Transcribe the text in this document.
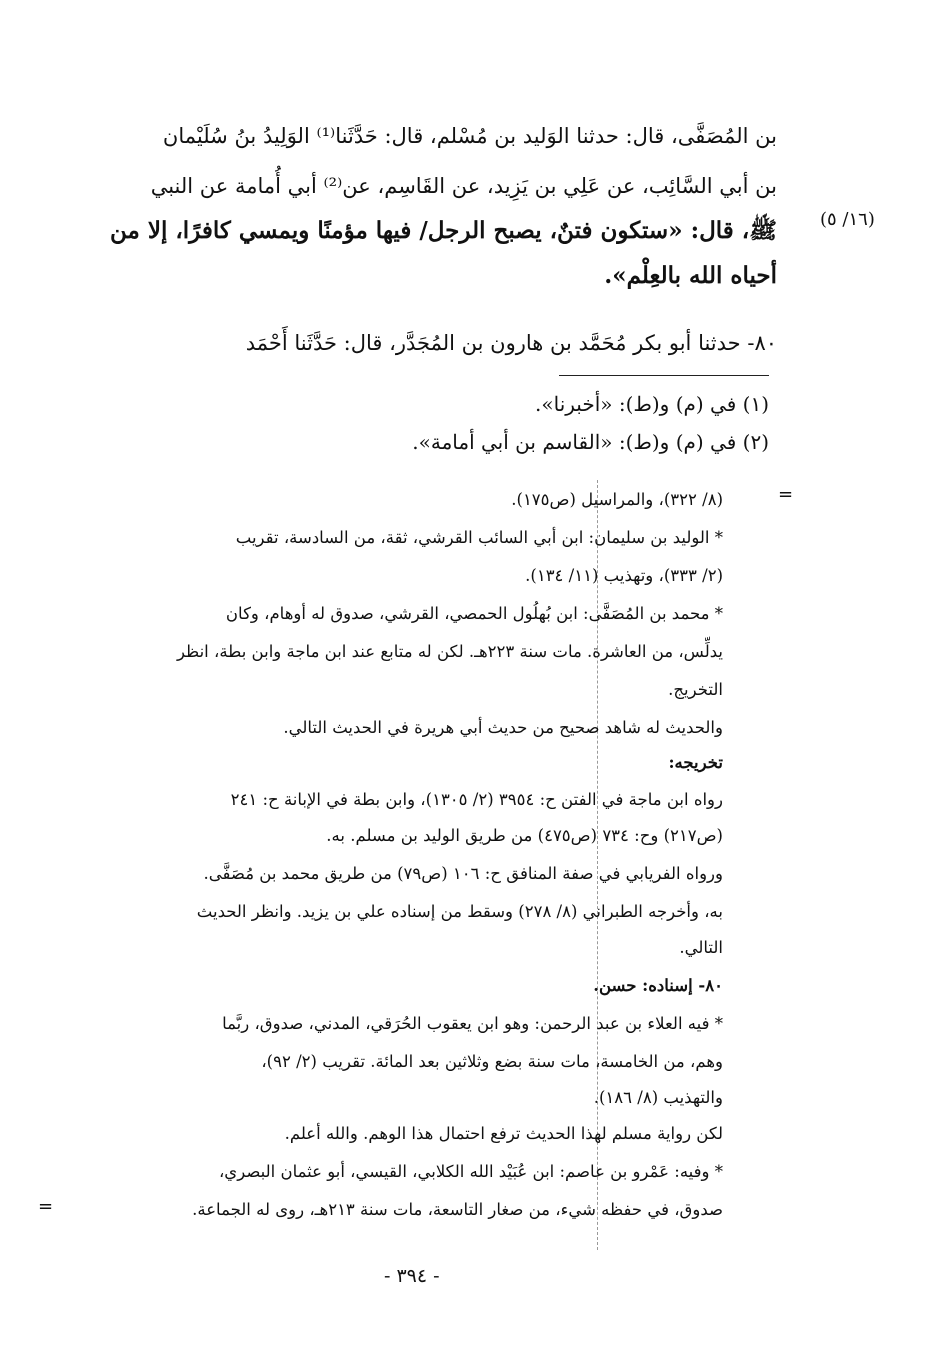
(١٦/ ٥)
بن المُصَفَّى، قال: حدثنا الوَليد بن مُسْلم، قال: حَدَّثَنا⁽¹⁾ الوَلِيدُ بنُ سُلَيْمان
بن أبي السَّائِب، عن عَلِي بن يَزِيد، عن القَاسِم، عن⁽²⁾ أبي أُمامة عن النبي
ﷺ، قال: «ستكون فتنٌ، يصبح الرجل/ فيها مؤمنًا ويمسي كافرًا، إلا من
أحياه الله بالعِلْم».
٨٠- حدثنا أبو بكر مُحَمَّد بن هارون بن المُجَدَّر، قال: حَدَّثَنا أَحْمَد
(١) في (م) و(ط): «أخبرنا».
(٢) في (م) و(ط): «القاسم بن أبي أمامة».
=
(٨/ ٣٢٢)، والمراسيل (ص١٧٥).
* الوليد بن سليمان: ابن أبي السائب القرشي، ثقة، من السادسة، تقريب
(٢/ ٣٣٣)، وتهذيب (١١/ ١٣٤).
* محمد بن المُصَفَّى: ابن بُهلُول الحمصي، القرشي، صدوق له أوهام، وكان
يدلِّس، من العاشرة. مات سنة ٢٢٣هـ. لكن له متابع عند ابن ماجة وابن بطة، انظر
التخريج.
والحديث له شاهد صحيح من حديث أبي هريرة في الحديث التالي.
تخريجه:
رواه ابن ماجة في الفتن ح: ٣٩٥٤ (٢/ ١٣٠٥)، وابن بطة في الإبانة ح: ٢٤١
(ص٢١٧) وح: ٧٣٤ (ص٤٧٥) من طريق الوليد بن مسلم. به.
ورواه الفريابي في صفة المنافق ح: ١٠٦ (ص٧٩) من طريق محمد بن مُصَفَّى.
به، وأخرجه الطبراني (٨/ ٢٧٨) وسقط من إسناده علي بن يزيد. وانظر الحديث
التالي.
٨٠- إسناده: حسن.
* فيه العلاء بن عبد الرحمن: وهو ابن يعقوب الحُرَقي، المدني، صدوق، ربَّما
وهم، من الخامسة، مات سنة بضع وثلاثين بعد المائة. تقريب (٢/ ٩٢)،
والتهذيب (٨/ ١٨٦).
لكن رواية مسلم لهذا الحديث ترفع احتمال هذا الوهم. والله أعلم.
* وفيه: عَمْرو بن عاصم: ابن عُبَيْد الله الكلابي، القيسي، أبو عثمان البصري،
صدوق، في حفظه شيء، من صغار التاسعة، مات سنة ٢١٣هـ، روى له الجماعة.
=
- ٣٩٤ -
